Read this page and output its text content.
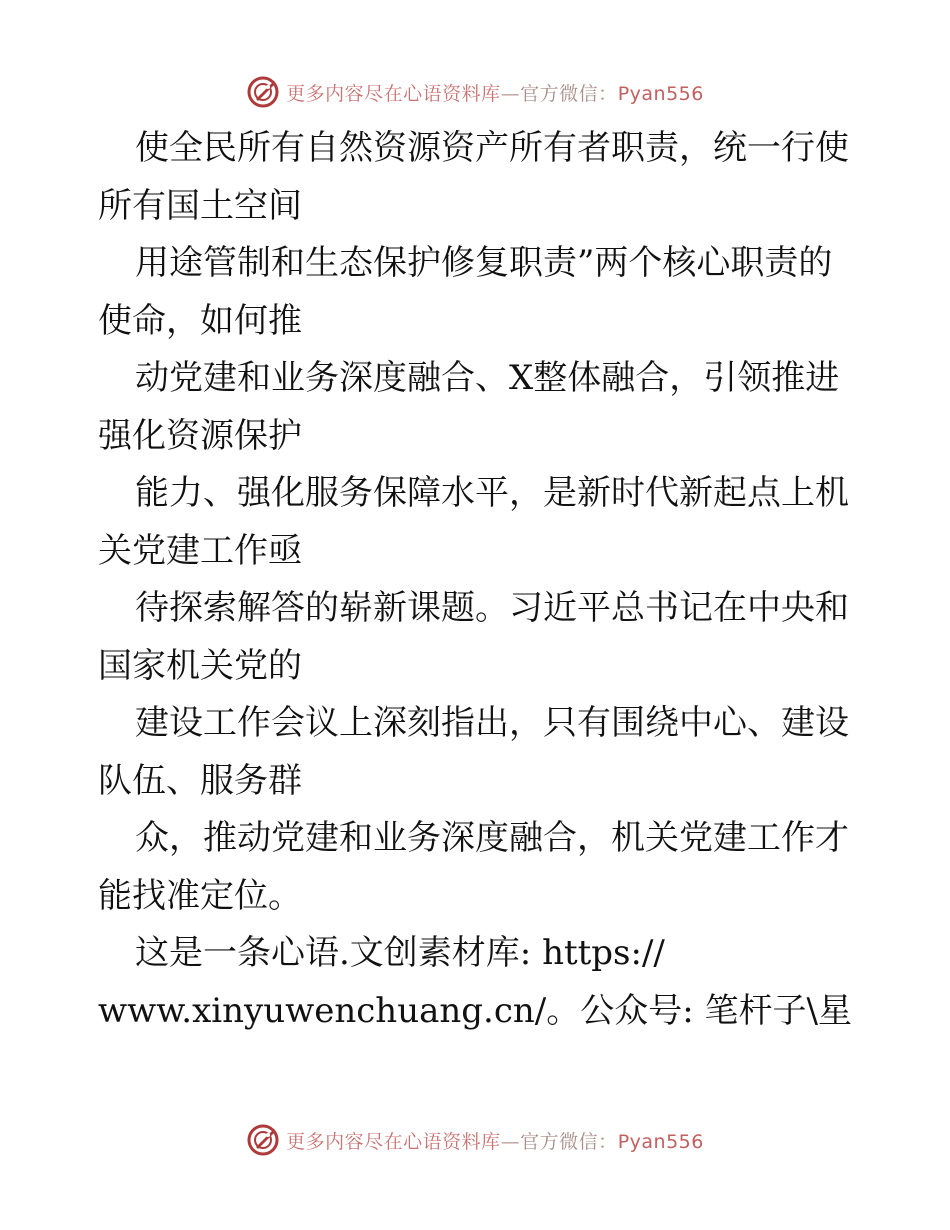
更多内容尽在心语资料库—官方微信：Pyan556
使全民所有自然资源资产所有者职责，统一行使
所有国土空间
用途管制和生态保护修复职责”两个核心职责的
使命，如何推
动党建和业务深度融合、X整体融合，引领推进
强化资源保护
能力、强化服务保障水平，是新时代新起点上机
关党建工作亟
待探索解答的崭新课题。习近平总书记在中央和
国家机关党的
建设工作会议上深刻指出，只有围绕中心、建设
队伍、服务群
众，推动党建和业务深度融合，机关党建工作才
能找准定位。
这是一条心语.文创素材库: https://
www.xinyuwenchuang.cn/。公众号: 笔杆子\星
更多内容尽在心语资料库—官方微信：Pyan556
